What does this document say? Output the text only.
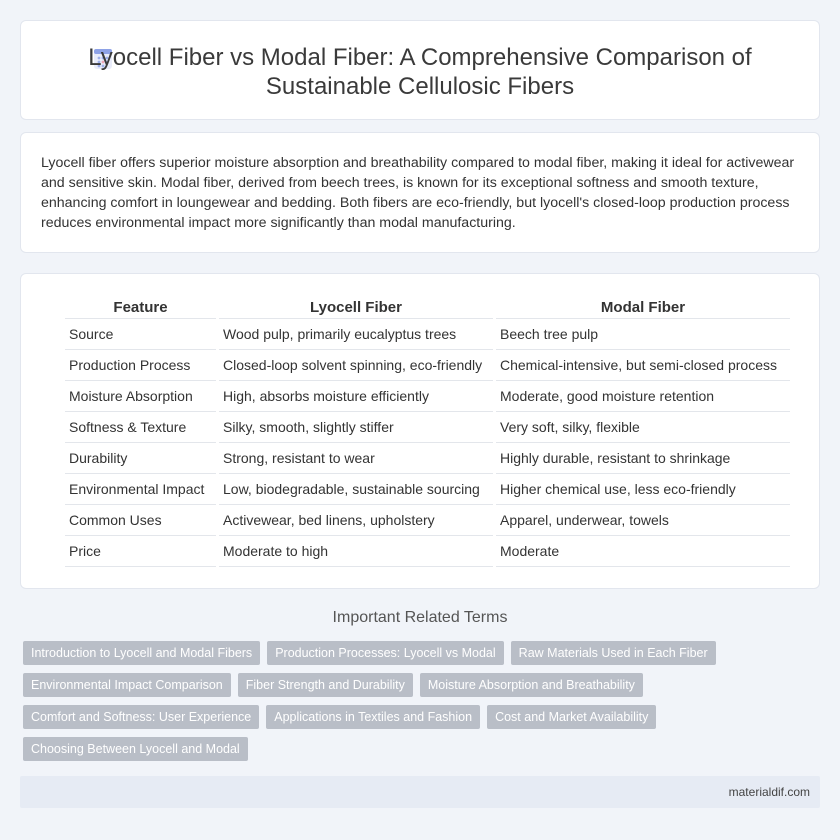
Lyocell Fiber vs Modal Fiber: A Comprehensive Comparison of
Sustainable Cellulosic Fibers

Lyocell fiber offers superior moisture absorption and breathability compared to modal fiber, making it ideal for activewear and sensitive skin. Modal fiber, derived from beech trees, is known for its exceptional softness and smooth texture, enhancing comfort in loungewear and bedding. Both fibers are eco-friendly, but lyocell's closed-loop production process reduces environmental impact more significantly than modal manufacturing.

Feature	Lyocell Fiber	Modal Fiber
Source	Wood pulp, primarily eucalyptus trees	Beech tree pulp
Production Process	Closed-loop solvent spinning, eco-friendly	Chemical-intensive, but semi-closed process
Moisture Absorption	High, absorbs moisture efficiently	Moderate, good moisture retention
Softness & Texture	Silky, smooth, slightly stiffer	Very soft, silky, flexible
Durability	Strong, resistant to wear	Highly durable, resistant to shrinkage
Environmental Impact	Low, biodegradable, sustainable sourcing	Higher chemical use, less eco-friendly
Common Uses	Activewear, bed linens, upholstery	Apparel, underwear, towels
Price	Moderate to high	Moderate
Important Related Terms
Introduction to Lyocell and Modal Fibers	Production Processes: Lyocell vs Modal	Raw Materials Used in Each Fiber
Environmental Impact Comparison	Fiber Strength and Durability	Moisture Absorption and Breathability
Comfort and Softness: User Experience	Applications in Textiles and Fashion	Cost and Market Availability
Choosing Between Lyocell and Modal
materialdif.com
